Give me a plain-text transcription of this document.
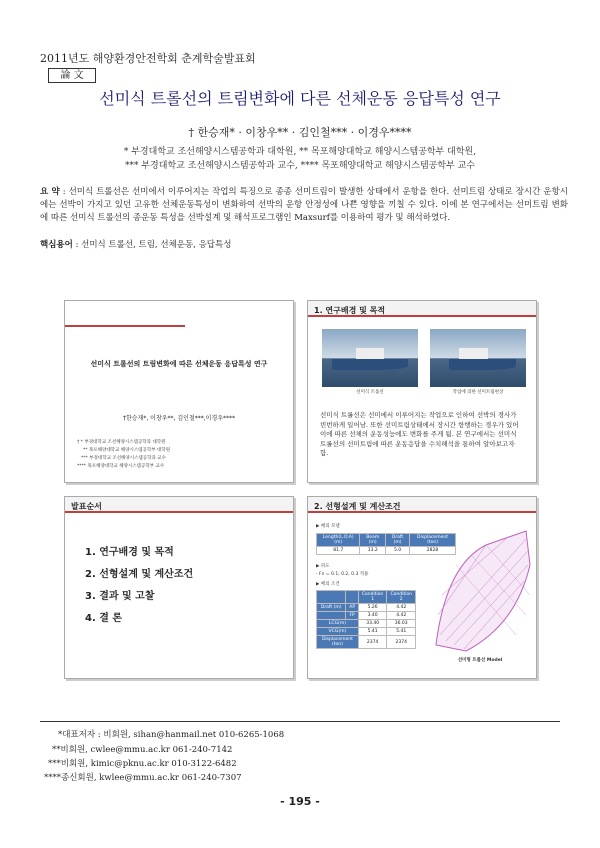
2011년도 해양환경안전학회 춘계학술발표회
論 文
선미식 트롤선의 트림변화에 다른 선체운동 응답특성 연구
† 한승재* · 이창우** · 김인철*** · 이경우****
* 부경대학교 조선해양시스템공학과 대학원, ** 목포해양대학교 해양시스템공학부 대학원,
*** 부경대학교 조선해양시스템공학과 교수, **** 목포해양대학교 해양시스템공학부 교수
요 약 : 선미식 트롤선은 선미에서 이루어지는 작업의 특징으로 종종 선미트림이 발생한 상태에서 운항을 한다. 선미트림 상태로 장시간 운항시에는 선박이 가지고 있던 고유한 선체운동특성이 변화하여 선박의 운항 안정성에 나쁜 영향을 끼칠 수 있다. 이에 본 연구에서는 선미트림 변화에 따른 선미식 트롤선의 종운동 특성을 선박설계 및 해석프로그램인 Maxsurf를 이용하여 평가 및 해석하였다.
핵심용어 : 선미식 트롤선, 트림, 선체운동, 응답특성
선미식 트롤선의 트림변화에 따른 선체운동 응답특성 연구
†한승재*, 이창우**, 김인철***,이경우****
† * 부경대학교 조선해양시스템공학과 대학원
** 목포해양대학교 해양시스템공학부 대학원
*** 부경대학교 조선해양시스템공학과 교수
**** 목포해양대학교 해양시스템공학부 교수
1. 연구배경 및 목적
선미식 트롤선	작업에 의한 선미트림현상
선미식 트롤선은 선미에서 이루어지는 작업으로 인하여 선박의 경사가 빈번하게 일어남. 또한 선미트림상태에서 장시간 항행하는 경우가 있어 이에 따른 선체의 운동성능에도 변화를 주게 됨. 본 연구에서는 선미식 트롤선의 선미트림에 따른 운동응답을 수치해석을 통하여 알아보고자 함.
발표순서
1. 연구배경 및 목적
2. 선형설계 및 계산조건
3. 결과 및 고찰
4. 결 론
2. 선형설계 및 계산조건
▶ 배의 모델
Length(L.O.A) (m)	Beam (m)	Draft (m)	Displacement (ton)
81.7	13.2	5.0	2828
▶ 파도
- Fn = 0.1, 0.2, 0.3 적용
▶ 배의 조건
		Condition 1	Condition 2
Draft (m)	AP	5.26	4.42
	FP	3.40	4.42
LCG(m)		33.40	36.03
VCG(m)		5.41	5.41
Displacement (ton)		2374	2374
선미형 트롤선 Model
*대표저자 : 비회원, sihan@hanmail.net 010-6265-1068
**비회원, cwlee@mmu.ac.kr 061-240-7142
***비회원, kimic@pknu.ac.kr 010-3122-6482
****종신회원, kwlee@mmu.ac.kr 061-240-7307
- 195 -
